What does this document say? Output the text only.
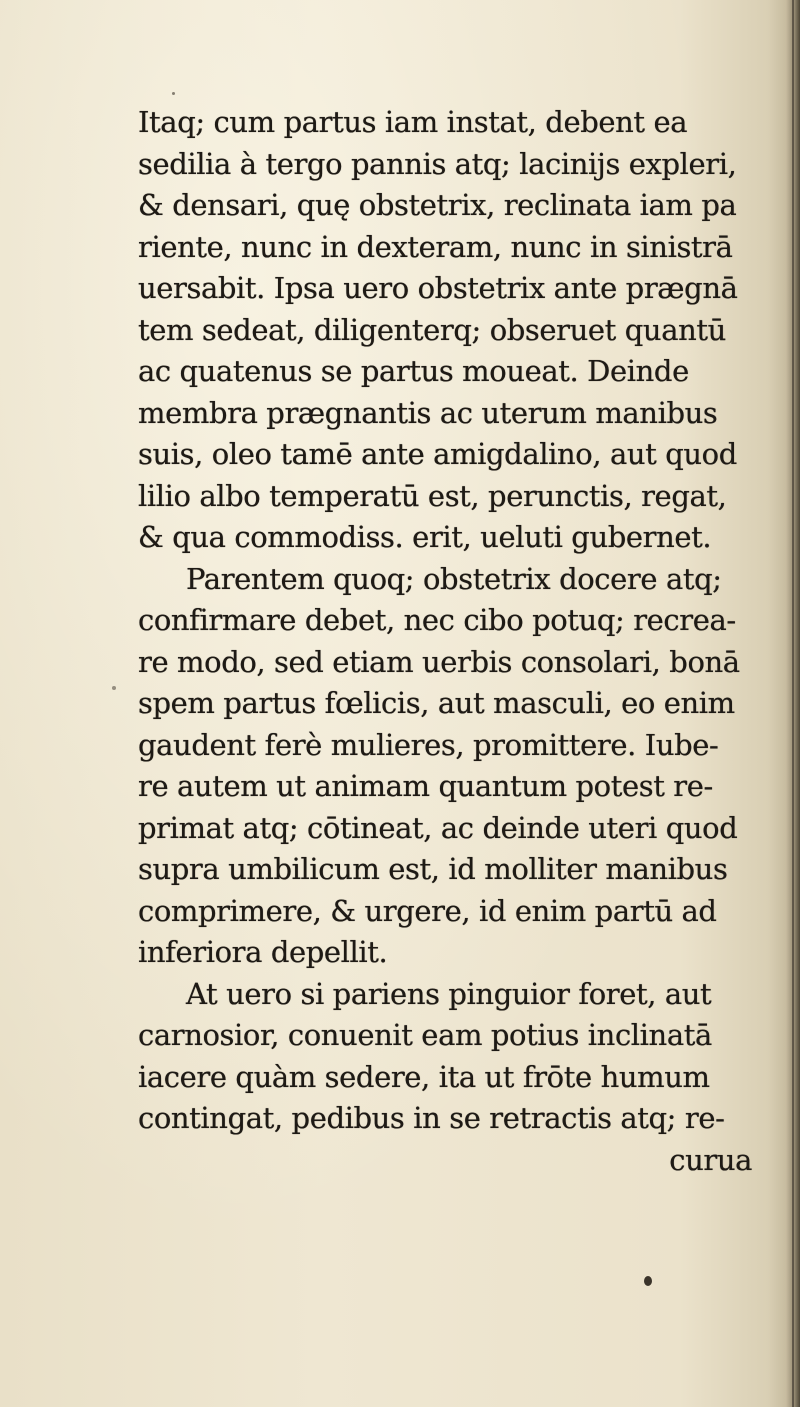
Itaq; cum partus iam instat, debent ea
sedilia à tergo pannis atq; lacinijs expleri,
& densari, quę obstetrix, reclinata iam pa
riente, nunc in dexteram, nunc in sinistrā
uersabit. Ipsa uero obstetrix ante prægnā
tem sedeat, diligenterq; obseruet quantū
ac quatenus se partus moueat. Deinde
membra prægnantis ac uterum manibus
suis, oleo tamē ante amigdalino, aut quod
lilio albo temperatū est, perunctis, regat,
& qua commodiss. erit, ueluti gubernet.
Parentem quoq; obstetrix docere atq;
confirmare debet, nec cibo potuq; recrea-
re modo, sed etiam uerbis consolari, bonā
spem partus fœlicis, aut masculi, eo enim
gaudent ferè mulieres, promittere. Iube-
re autem ut animam quantum potest re-
primat atq; cōtineat, ac deinde uteri quod
supra umbilicum est, id molliter manibus
comprimere, & urgere, id enim partū ad
inferiora depellit.
At uero si pariens pinguior foret, aut
carnosior, conuenit eam potius inclinatā
iacere quàm sedere, ita ut frōte humum
contingat, pedibus in se retractis atq; re-
curua
